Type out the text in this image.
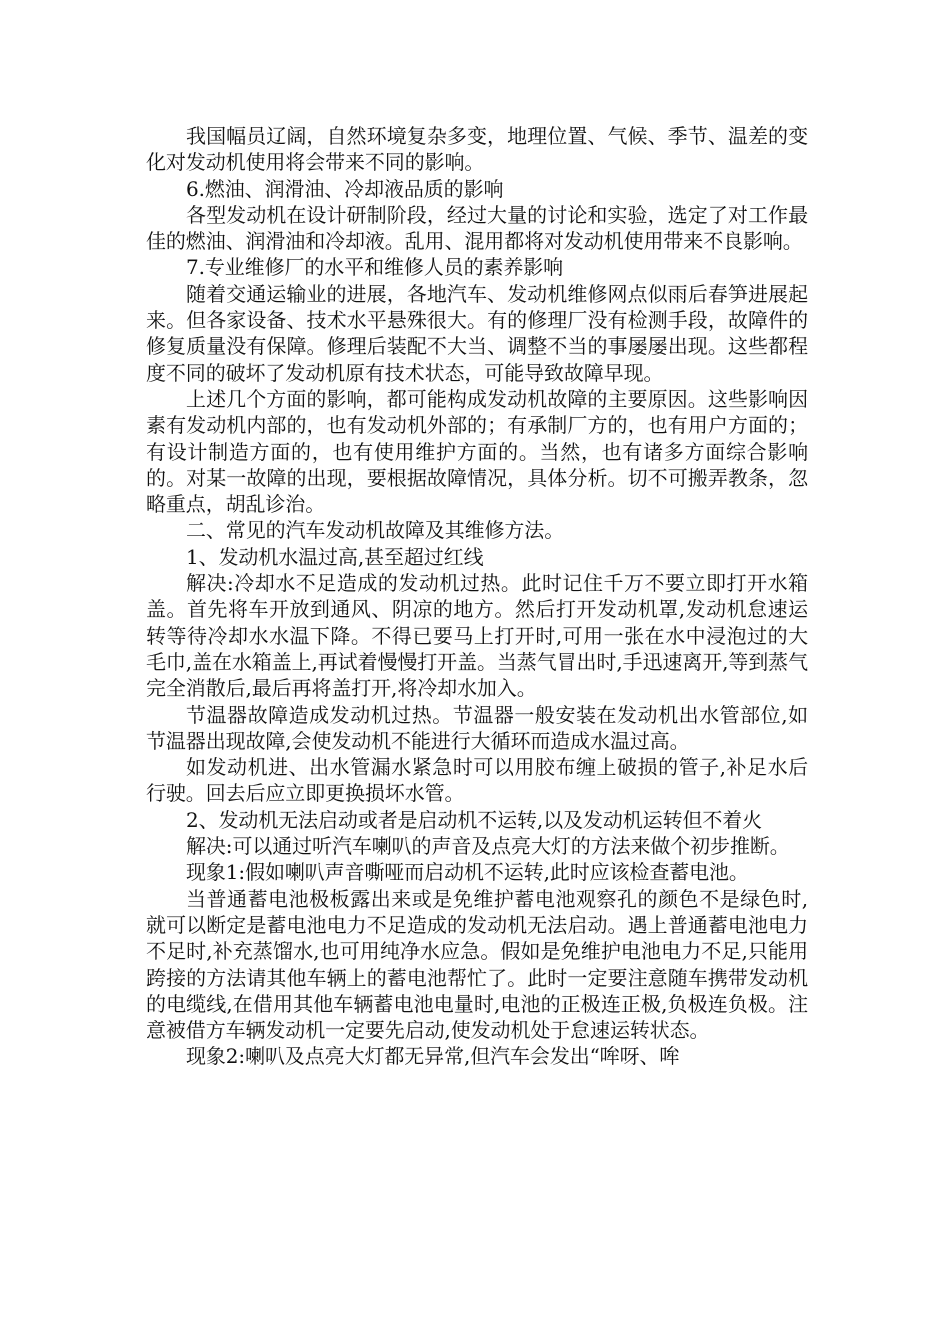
我国幅员辽阔，自然环境复杂多变，地理位置、气候、季节、温差的变化对发动机使用将会带来不同的影响。

6.燃油、润滑油、冷却液品质的影响

各型发动机在设计研制阶段，经过大量的讨论和实验，选定了对工作最佳的燃油、润滑油和冷却液。乱用、混用都将对发动机使用带来不良影响。

7.专业维修厂的水平和维修人员的素养影响

随着交通运输业的进展，各地汽车、发动机维修网点似雨后春笋进展起来。但各家设备、技术水平悬殊很大。有的修理厂没有检测手段，故障件的修复质量没有保障。修理后装配不大当、调整不当的事屡屡出现。这些都程度不同的破坏了发动机原有技术状态，可能导致故障早现。

上述几个方面的影响，都可能构成发动机故障的主要原因。这些影响因素有发动机内部的，也有发动机外部的；有承制厂方的，也有用户方面的；有设计制造方面的，也有使用维护方面的。当然，也有诸多方面综合影响的。对某一故障的出现，要根据故障情况，具体分析。切不可搬弄教条，忽略重点，胡乱诊治。

二、常见的汽车发动机故障及其维修方法。

1、发动机水温过高,甚至超过红线

解决:冷却水不足造成的发动机过热。此时记住千万不要立即打开水箱盖。首先将车开放到通风、阴凉的地方。然后打开发动机罩,发动机怠速运转等待冷却水水温下降。不得已要马上打开时,可用一张在水中浸泡过的大毛巾,盖在水箱盖上,再试着慢慢打开盖。当蒸气冒出时,手迅速离开,等到蒸气完全消散后,最后再将盖打开,将冷却水加入。

节温器故障造成发动机过热。节温器一般安装在发动机出水管部位,如节温器出现故障,会使发动机不能进行大循环而造成水温过高。

如发动机进、出水管漏水紧急时可以用胶布缠上破损的管子,补足水后行驶。回去后应立即更换损坏水管。

2、发动机无法启动或者是启动机不运转,以及发动机运转但不着火

解决:可以通过听汽车喇叭的声音及点亮大灯的方法来做个初步推断。

现象1:假如喇叭声音嘶哑而启动机不运转,此时应该检查蓄电池。

当普通蓄电池极板露出来或是免维护蓄电池观察孔的颜色不是绿色时,就可以断定是蓄电池电力不足造成的发动机无法启动。遇上普通蓄电池电力不足时,补充蒸馏水,也可用纯净水应急。假如是免维护电池电力不足,只能用跨接的方法请其他车辆上的蓄电池帮忙了。此时一定要注意随车携带发动机的电缆线,在借用其他车辆蓄电池电量时,电池的正极连正极,负极连负极。注意被借方车辆发动机一定要先启动,使发动机处于怠速运转状态。

现象2:喇叭及点亮大灯都无异常,但汽车会发出“哞呀、哞
